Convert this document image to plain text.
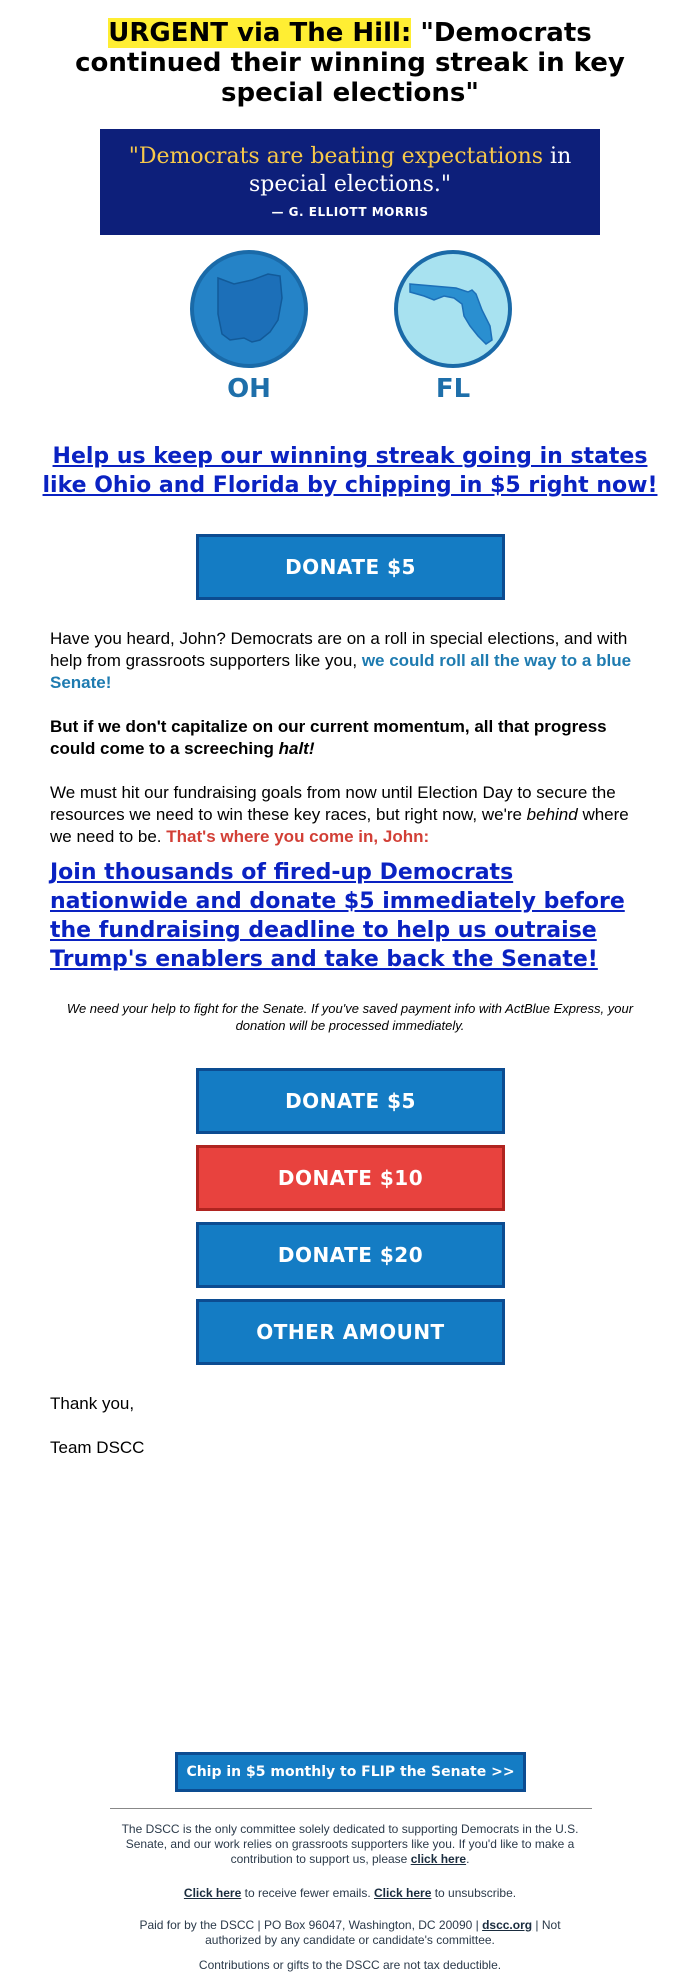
URGENT via The Hill: "Democrats continued their winning streak in key special elections"
"Democrats are beating expectations in special elections."
— G. ELLIOTT MORRIS
OH	FL
Help us keep our winning streak going in states like Ohio and Florida by chipping in $5 right now!
DONATE $5
Have you heard, John? Democrats are on a roll in special elections, and with help from grassroots supporters like you, we could roll all the way to a blue Senate!
But if we don't capitalize on our current momentum, all that progress could come to a screeching halt!
We must hit our fundraising goals from now until Election Day to secure the resources we need to win these key races, but right now, we're behind where we need to be. That's where you come in, John:
Join thousands of fired-up Democrats nationwide and donate $5 immediately before the fundraising deadline to help us outraise Trump's enablers and take back the Senate!
We need your help to fight for the Senate. If you've saved payment info with ActBlue Express, your donation will be processed immediately.
DONATE $5
DONATE $10
DONATE $20
OTHER AMOUNT
Thank you,
Team DSCC
Chip in $5 monthly to FLIP the Senate >>
The DSCC is the only committee solely dedicated to supporting Democrats in the U.S. Senate, and our work relies on grassroots supporters like you. If you'd like to make a contribution to support us, please click here.
Click here to receive fewer emails. Click here to unsubscribe.
Paid for by the DSCC | PO Box 96047, Washington, DC 20090 | dscc.org | Not authorized by any candidate or candidate's committee.
Contributions or gifts to the DSCC are not tax deductible.
